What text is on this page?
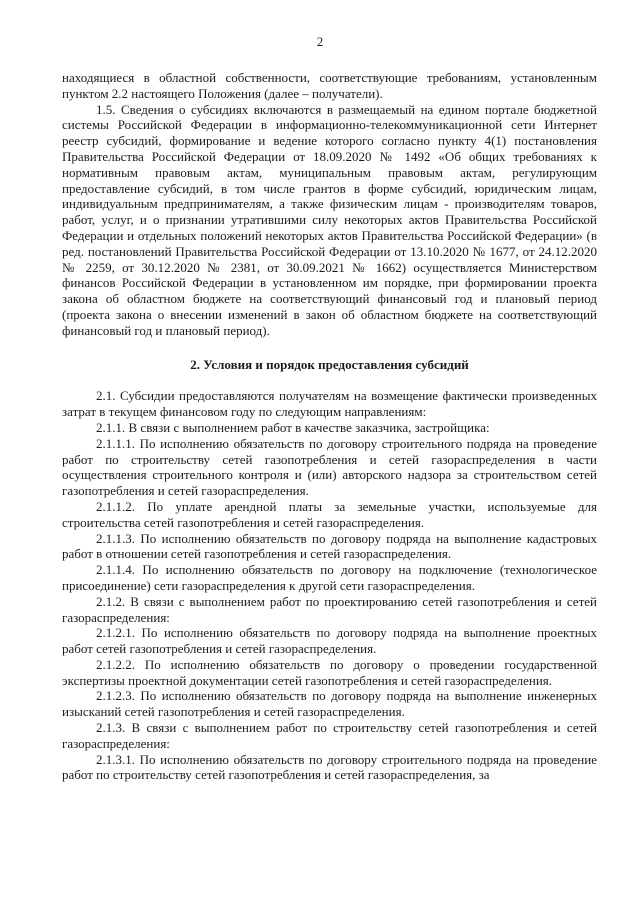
2

находящиеся в областной собственности, соответствующие требованиям, установленным пунктом 2.2 настоящего Положения (далее – получатели).

1.5. Сведения о субсидиях включаются в размещаемый на едином портале бюджетной системы Российской Федерации в информационно-телекоммуникационной сети Интернет реестр субсидий, формирование и ведение которого согласно пункту 4(1) постановления Правительства Российской Федерации от 18.09.2020 № 1492 «Об общих требованиях к нормативным правовым актам, муниципальным правовым актам, регулирующим предоставление субсидий, в том числе грантов в форме субсидий, юридическим лицам, индивидуальным предпринимателям, а также физическим лицам - производителям товаров, работ, услуг, и о признании утратившими силу некоторых актов Правительства Российской Федерации и отдельных положений некоторых актов Правительства Российской Федерации» (в ред. постановлений Правительства Российской Федерации от 13.10.2020 № 1677, от 24.12.2020 № 2259, от 30.12.2020 № 2381, от 30.09.2021 № 1662) осуществляется Министерством финансов Российской Федерации в установленном им порядке, при формировании проекта закона об областном бюджете на соответствующий финансовый год и плановый период (проекта закона о внесении изменений в закон об областном бюджете на соответствующий финансовый год и плановый период).

2. Условия и порядок предоставления субсидий

2.1. Субсидии предоставляются получателям на возмещение фактически произведенных затрат в текущем финансовом году по следующим направлениям:

2.1.1. В связи с выполнением работ в качестве заказчика, застройщика:

2.1.1.1. По исполнению обязательств по договору строительного подряда на проведение работ по строительству сетей газопотребления и сетей газораспределения в части осуществления строительного контроля и (или) авторского надзора за строительством сетей газопотребления и сетей газораспределения.

2.1.1.2. По уплате арендной платы за земельные участки, используемые для строительства сетей газопотребления и сетей газораспределения.

2.1.1.3. По исполнению обязательств по договору подряда на выполнение кадастровых работ в отношении сетей газопотребления и сетей газораспределения.

2.1.1.4. По исполнению обязательств по договору на подключение (технологическое присоединение) сети газораспределения к другой сети газораспределения.

2.1.2. В связи с выполнением работ по проектированию сетей газопотребления и сетей газораспределения:

2.1.2.1. По исполнению обязательств по договору подряда на выполнение проектных работ сетей газопотребления и сетей газораспределения.

2.1.2.2. По исполнению обязательств по договору о проведении государственной экспертизы проектной документации сетей газопотребления и сетей газораспределения.

2.1.2.3. По исполнению обязательств по договору подряда на выполнение инженерных изысканий сетей газопотребления и сетей газораспределения.

2.1.3. В связи с выполнением работ по строительству сетей газопотребления и сетей газораспределения:

2.1.3.1. По исполнению обязательств по договору строительного подряда на проведение работ по строительству сетей газопотребления и сетей газораспределения, за
